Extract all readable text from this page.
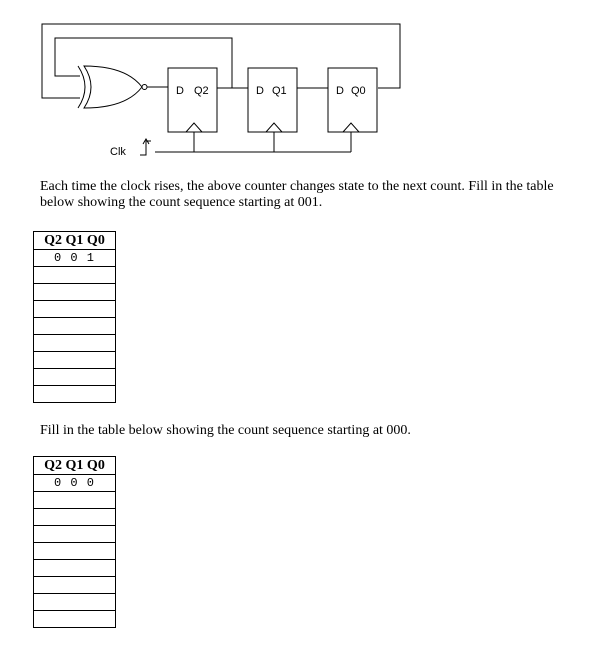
D Q2	D Q1	D Q0
Clk

Each time the clock rises, the above counter changes state to the next count. Fill in the table below showing the count sequence starting at 001.

Q2 Q1 Q0
0 0 1

Fill in the table below showing the count sequence starting at 000.

Q2 Q1 Q0
0 0 0
